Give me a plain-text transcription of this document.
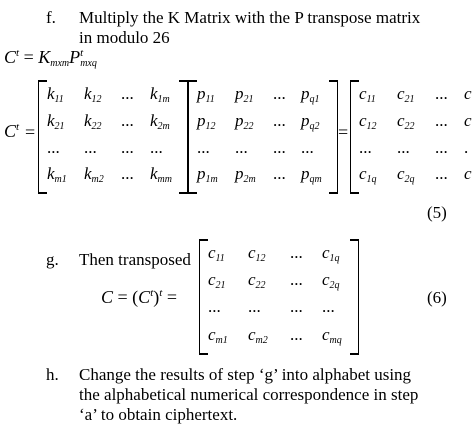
f. Multiply the K Matrix with the P transpose matrix
in modulo 26
$C^t = K_{mxm}P^t_{mxq}$
$C^t$ =
$k_{11}$ $k_{12}$ ... $k_{1m}$
$k_{21}$ $k_{22}$ ... $k_{2m}$
... ... ... ...
$k_{m1}$ $k_{m2}$ ... $k_{mm}$
$p_{11}$ $p_{21}$ ... $p_{q1}$
$p_{12}$ $p_{22}$ ... $p_{q2}$
... ... ... ...
$p_{1m}$ $p_{2m}$ ... $p_{qm}$
=
$c_{11}$ $c_{21}$ ... c
$c_{12}$ $c_{22}$ ... c
... ... ... .
$c_{1q}$ $c_{2q}$ ... c
(5)
g. Then transposed
$C = (C^t)^t$ =
$c_{11}$ $c_{12}$ ... $c_{1q}$
$c_{21}$ $c_{22}$ ... $c_{2q}$
... ... ... ...
$c_{m1}$ $c_{m2}$ ... $c_{mq}$
(6)
h. Change the results of step ‘g’ into alphabet using
the alphabetical numerical correspondence in step
‘a’ to obtain ciphertext.
